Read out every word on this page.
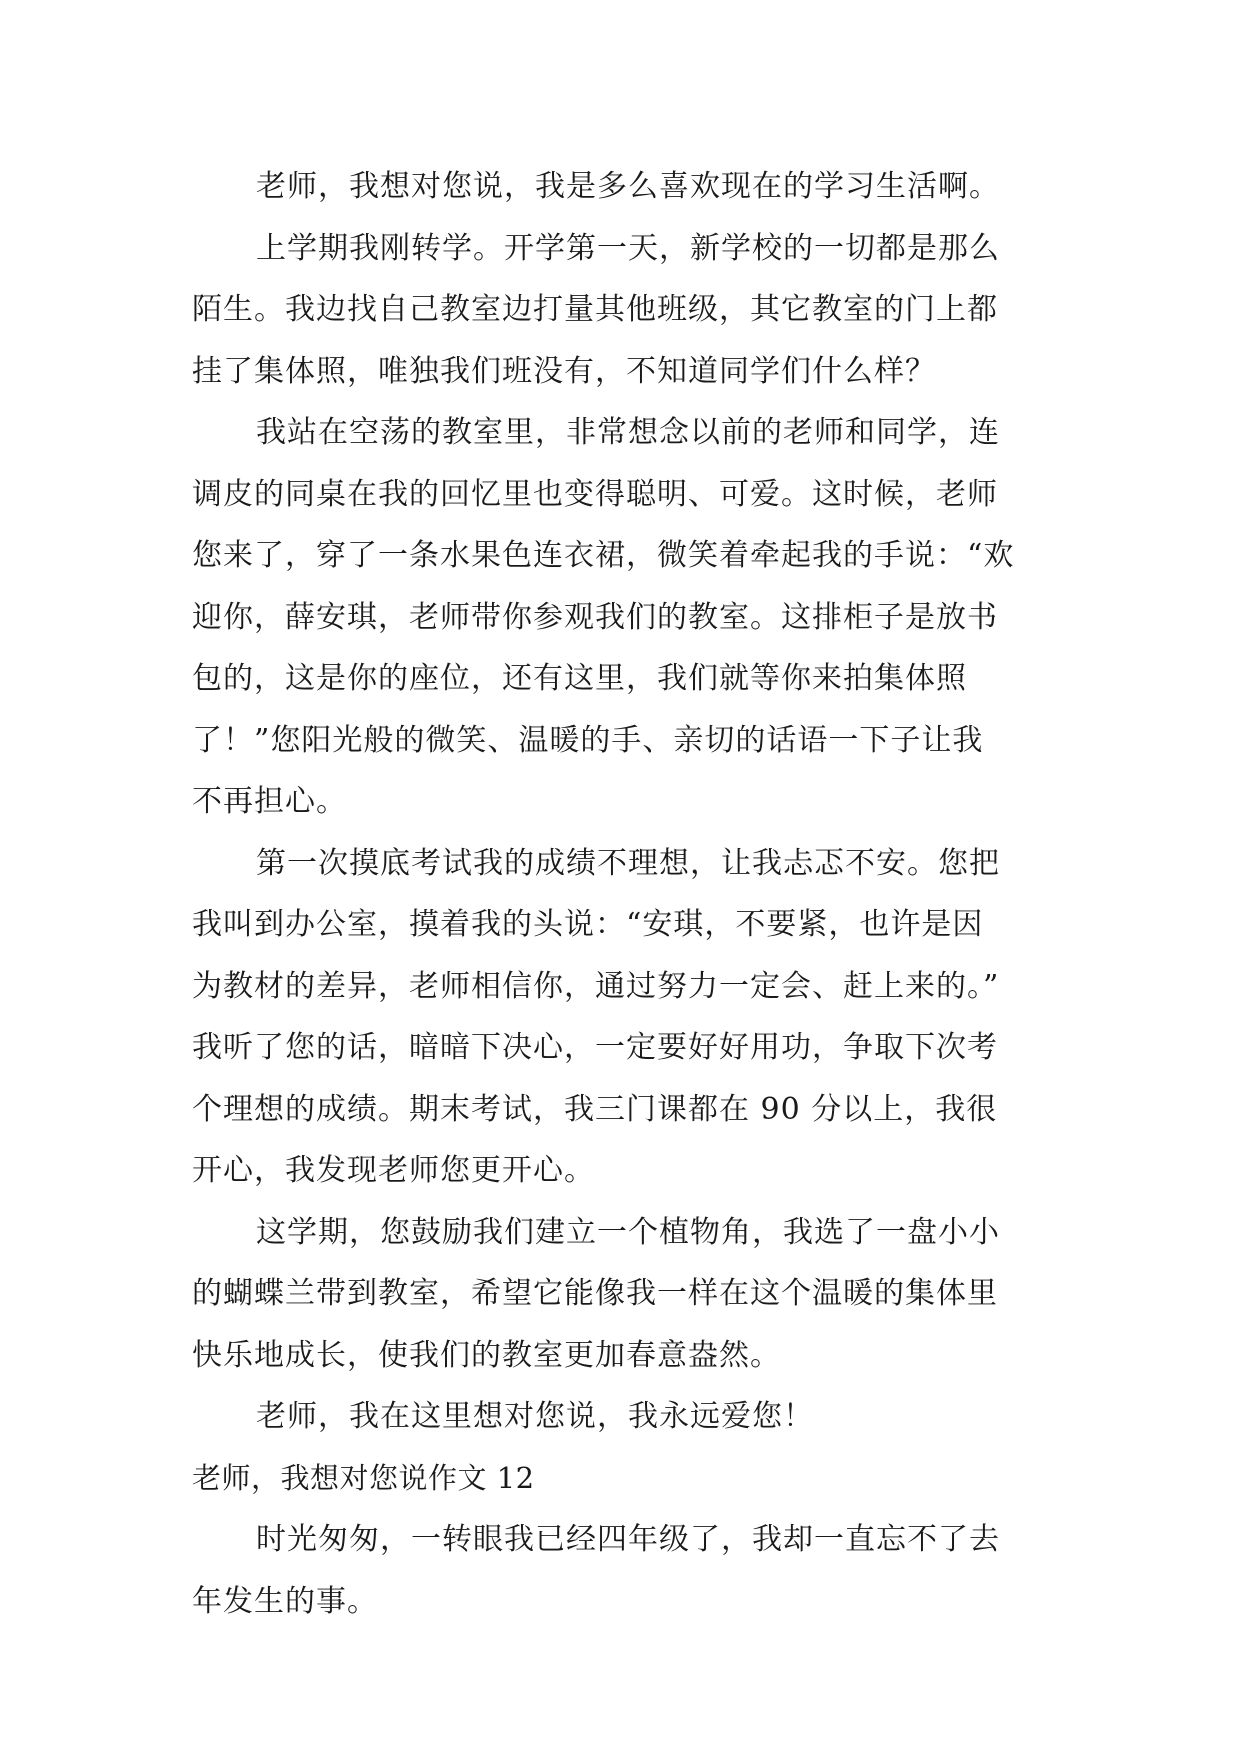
老师，我想对您说，我是多么喜欢现在的学习生活啊。
上学期我刚转学。开学第一天，新学校的一切都是那么
陌生。我边找自己教室边打量其他班级，其它教室的门上都
挂了集体照，唯独我们班没有，不知道同学们什么样？
我站在空荡的教室里，非常想念以前的老师和同学，连
调皮的同桌在我的回忆里也变得聪明、可爱。这时候，老师
您来了，穿了一条水果色连衣裙，微笑着牵起我的手说：“欢
迎你，薛安琪，老师带你参观我们的教室。这排柜子是放书
包的，这是你的座位，还有这里，我们就等你来拍集体照
了！”您阳光般的微笑、温暖的手、亲切的话语一下子让我
不再担心。
第一次摸底考试我的成绩不理想，让我忐忑不安。您把
我叫到办公室，摸着我的头说：“安琪，不要紧，也许是因
为教材的差异，老师相信你，通过努力一定会、赶上来的。”
我听了您的话，暗暗下决心，一定要好好用功，争取下次考
个理想的成绩。期末考试，我三门课都在 90 分以上，我很
开心，我发现老师您更开心。
这学期，您鼓励我们建立一个植物角，我选了一盘小小
的蝴蝶兰带到教室，希望它能像我一样在这个温暖的集体里
快乐地成长，使我们的教室更加春意盎然。
老师，我在这里想对您说，我永远爱您！
老师，我想对您说作文 12
时光匆匆，一转眼我已经四年级了，我却一直忘不了去
年发生的事。
